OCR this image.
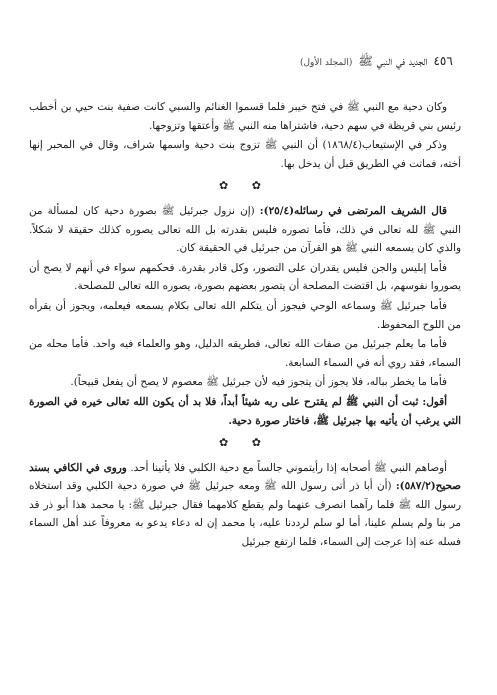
٤٥٦
الجديد في النبي ﷺ
(المجلد الأول)

وكان دحية مع النبي ﷺ في فتح خيبر فلما قسموا الغنائم والسبي كانت صفية بنت حيي بن أخطب رئيس بني قريظة في سهم دحية، فاشتراها منه النبي ﷺ وأعتقها وتزوجها.

وذكر في الإستيعاب(١٨٦٨/٤) أن النبي ﷺ تزوج بنت دحية واسمها شراف، وقال في المحبر إنها أخته، فماتت في الطريق قبل أن يدخل بها.

✿ ✿

قال الشريف المرتضى في رسائله(٢٥/٤): (إن نزول جبرئيل ﷺ بصورة دحية كان لمسألة من النبي ﷺ لله تعالى في ذلك، فأما تصوره فليس بقدرته بل الله تعالى يصوره كذلك حقيقة لا شكلاً. والذي كان يسمعه النبي ﷺ هو القرآن من جبرئيل في الحقيقة كان.

فأما إبليس والجن فليس يقدران على التصور، وكل قادر بقدرة. فحكمهم سواء في أنهم لا يصح أن يصوروا نفوسهم، بل اقتضت المصلحة أن يتصور بعضهم بصورة، يصوره الله تعالى للمصلحة.

فأما جبرئيل ﷺ وسماعه الوحي فيجوز أن يتكلم الله تعالى بكلام يسمعه فيعلمه، ويجوز أن يقرأه من اللوح المحفوظ.

فأما ما يعلم جبرئيل من صفات الله تعالى، فطريقه الدليل، وهو والعلماء فيه واحد. فأما محله من السماء، فقد روي أنه في السماء السابعة.

فأما ما يخطر بباله، فلا يجوز أن يتجوز فيه لأن جبرئيل ﷺ معصوم لا يصح أن يفعل قبيحاً).

أقول: ثبت أن النبي ﷺ لم يقترح على ربه شيئاً أبداً، فلا بد أن يكون الله تعالى خيره في الصورة التي يرغب أن يأتيه بها جبرئيل ﷺ، فاختار صورة دحية.

✿ ✿

أوصاهم النبي ﷺ أصحابه إذا رأيتموني جالساً مع دحية الكلبي فلا يأتينا أحد. وروى في الكافي بسند صحيح(٥٨٧/٢): (أن أبا ذر أتى رسول الله ﷺ ومعه جبرئيل ﷺ في صورة دحية الكلبي وقد استخلاه رسول الله ﷺ فلما رآهما انصرف عنهما ولم يقطع كلامهما فقال جبرئيل ﷺ: يا محمد هذا أبو ذر قد مر بنا ولم يسلم علينا، أما لو سلم لرددنا عليه، يا محمد إن له دعاء يدعو به معروفاً عند أهل السماء فسله عنه إذا عرجت إلى السماء، فلما ارتفع جبرئيل
